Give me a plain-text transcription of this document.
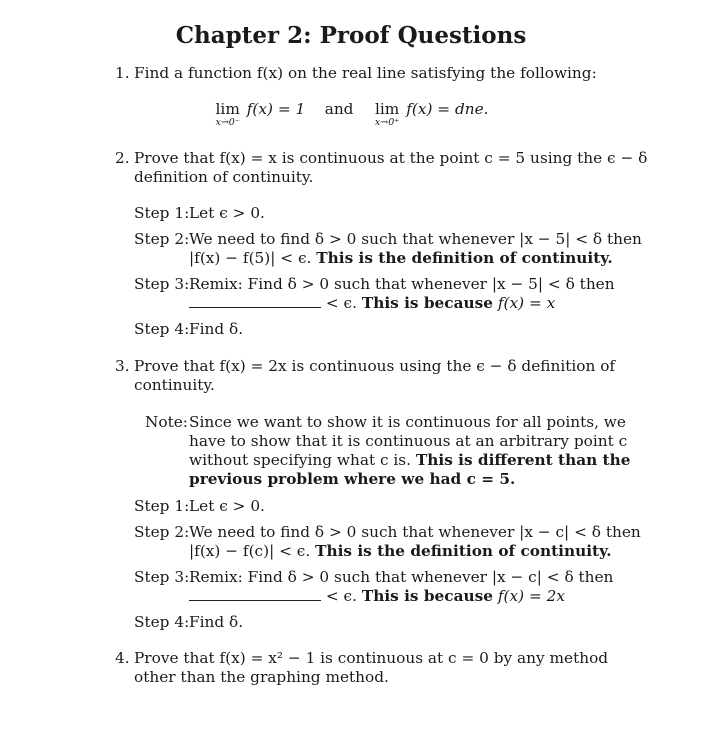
Chapter 2: Proof Questions
1. Find a function f(x) on the real line satisfying the following:
lim
x→0⁻
f(x) = 1 and lim
x→0⁺
f(x) = dne.
2. Prove that f(x) = x is continuous at the point c = 5 using the ϵ − δ
definition of continuity.
Step 1: Let ϵ > 0.
Step 2: We need to find δ > 0 such that whenever |x − 5| < δ then
|f(x) − f(5)| < ϵ. This is the definition of continuity.
Step 3: Remix: Find δ > 0 such that whenever |x − 5| < δ then
< ϵ. This is because f(x) = x
Step 4: Find δ.
3. Prove that f(x) = 2x is continuous using the ϵ − δ definition of
continuity.
Note: Since we want to show it is continuous for all points, we
have to show that it is continuous at an arbitrary point c
without specifying what c is. This is different than the
previous problem where we had c = 5.
Step 1: Let ϵ > 0.
Step 2: We need to find δ > 0 such that whenever |x − c| < δ then
|f(x) − f(c)| < ϵ. This is the definition of continuity.
Step 3: Remix: Find δ > 0 such that whenever |x − c| < δ then
< ϵ. This is because f(x) = 2x
Step 4: Find δ.
4. Prove that f(x) = x² − 1 is continuous at c = 0 by any method
other than the graphing method.
